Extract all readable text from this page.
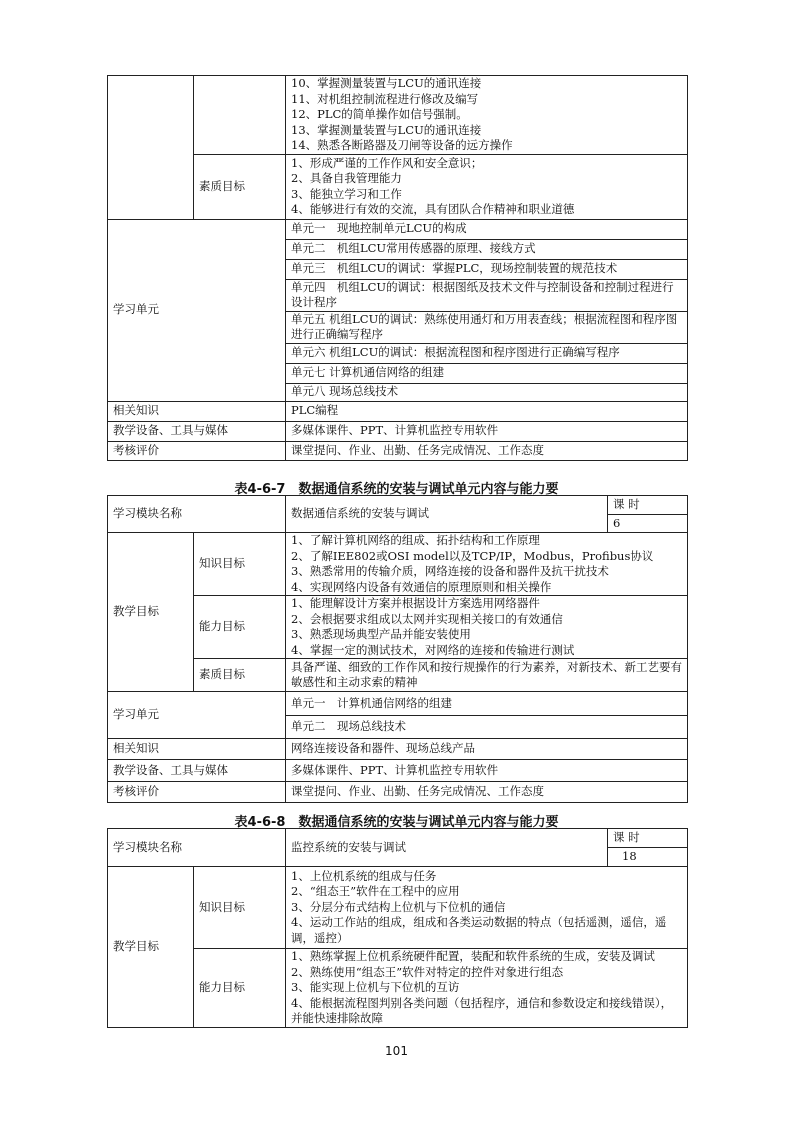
		10、掌握测量装置与LCU的通讯连接
11、对机组控制流程进行修改及编写
12、PLC的简单操作如信号强制。
13、掌握测量装置与LCU的通讯连接
14、熟悉各断路器及刀闸等设备的远方操作

	素质目标	1、形成严谨的工作作风和安全意识；
2、具备自我管理能力
3、能独立学习和工作
4、能够进行有效的交流，具有团队合作精神和职业道德

学习单元		单元一　现地控制单元LCU的构成
		单元二　机组LCU常用传感器的原理、接线方式
		单元三　机组LCU的调试：掌握PLC，现场控制装置的规范技术
		单元四　机组LCU的调试：根据图纸及技术文件与控制设备和控制过程进行设计程序
		单元五 机组LCU的调试：熟练使用通灯和万用表查线；根据流程图和程序图进行正确编写程序
		单元六 机组LCU的调试：根据流程图和程序图进行正确编写程序
		单元七 计算机通信网络的组建
		单元八 现场总线技术
相关知识		PLC编程
教学设备、工具与媒体		多媒体课件、PPT、计算机监控专用软件
考核评价		课堂提问、作业、出勤、任务完成情况、工作态度
表4-6-7　数据通信系统的安装与调试单元内容与能力要
学习模块名称		数据通信系统的安装与调试	课 时
			6
教学目标	知识目标	1、了解计算机网络的组成、拓扑结构和工作原理
2、了解IEE802或OSI model以及TCP/IP，Modbus，Profibus协议
3、熟悉常用的传输介质，网络连接的设备和器件及抗干扰技术
4、实现网络内设备有效通信的原理原则和相关操作	

	能力目标	1、能理解设计方案并根据设计方案选用网络器件
2、会根据要求组成以太网并实现相关接口的有效通信
3、熟悉现场典型产品并能安装使用
4、掌握一定的测试技术，对网络的连接和传输进行测试	

	素质目标	具备严谨、细致的工作作风和按行规操作的行为素养，对新技术、新工艺要有敏感性和主动求索的精神	
学习单元		单元一　计算机通信网络的组建	
		单元二　现场总线技术	
相关知识		网络连接设备和器件、现场总线产品	
教学设备、工具与媒体		多媒体课件、PPT、计算机监控专用软件	
考核评价		课堂提问、作业、出勤、任务完成情况、工作态度	
表4-6-8　数据通信系统的安装与调试单元内容与能力要
学习模块名称		监控系统的安装与调试	课 时
			18
教学目标	知识目标	1、上位机系统的组成与任务
2、“组态王”软件在工程中的应用
3、分层分布式结构上位机与下位机的通信
4、运动工作站的组成，组成和各类运动数据的特点（包括遥测，遥信，遥调，遥控）	

	能力目标	1、熟练掌握上位机系统硬件配置，装配和软件系统的生成，安装及调试
2、熟练使用“组态王”软件对特定的控件对象进行组态
3、能实现上位机与下位机的互访
4、能根据流程图判别各类问题（包括程序，通信和参数设定和接线错误），并能快速排除故障	
101
